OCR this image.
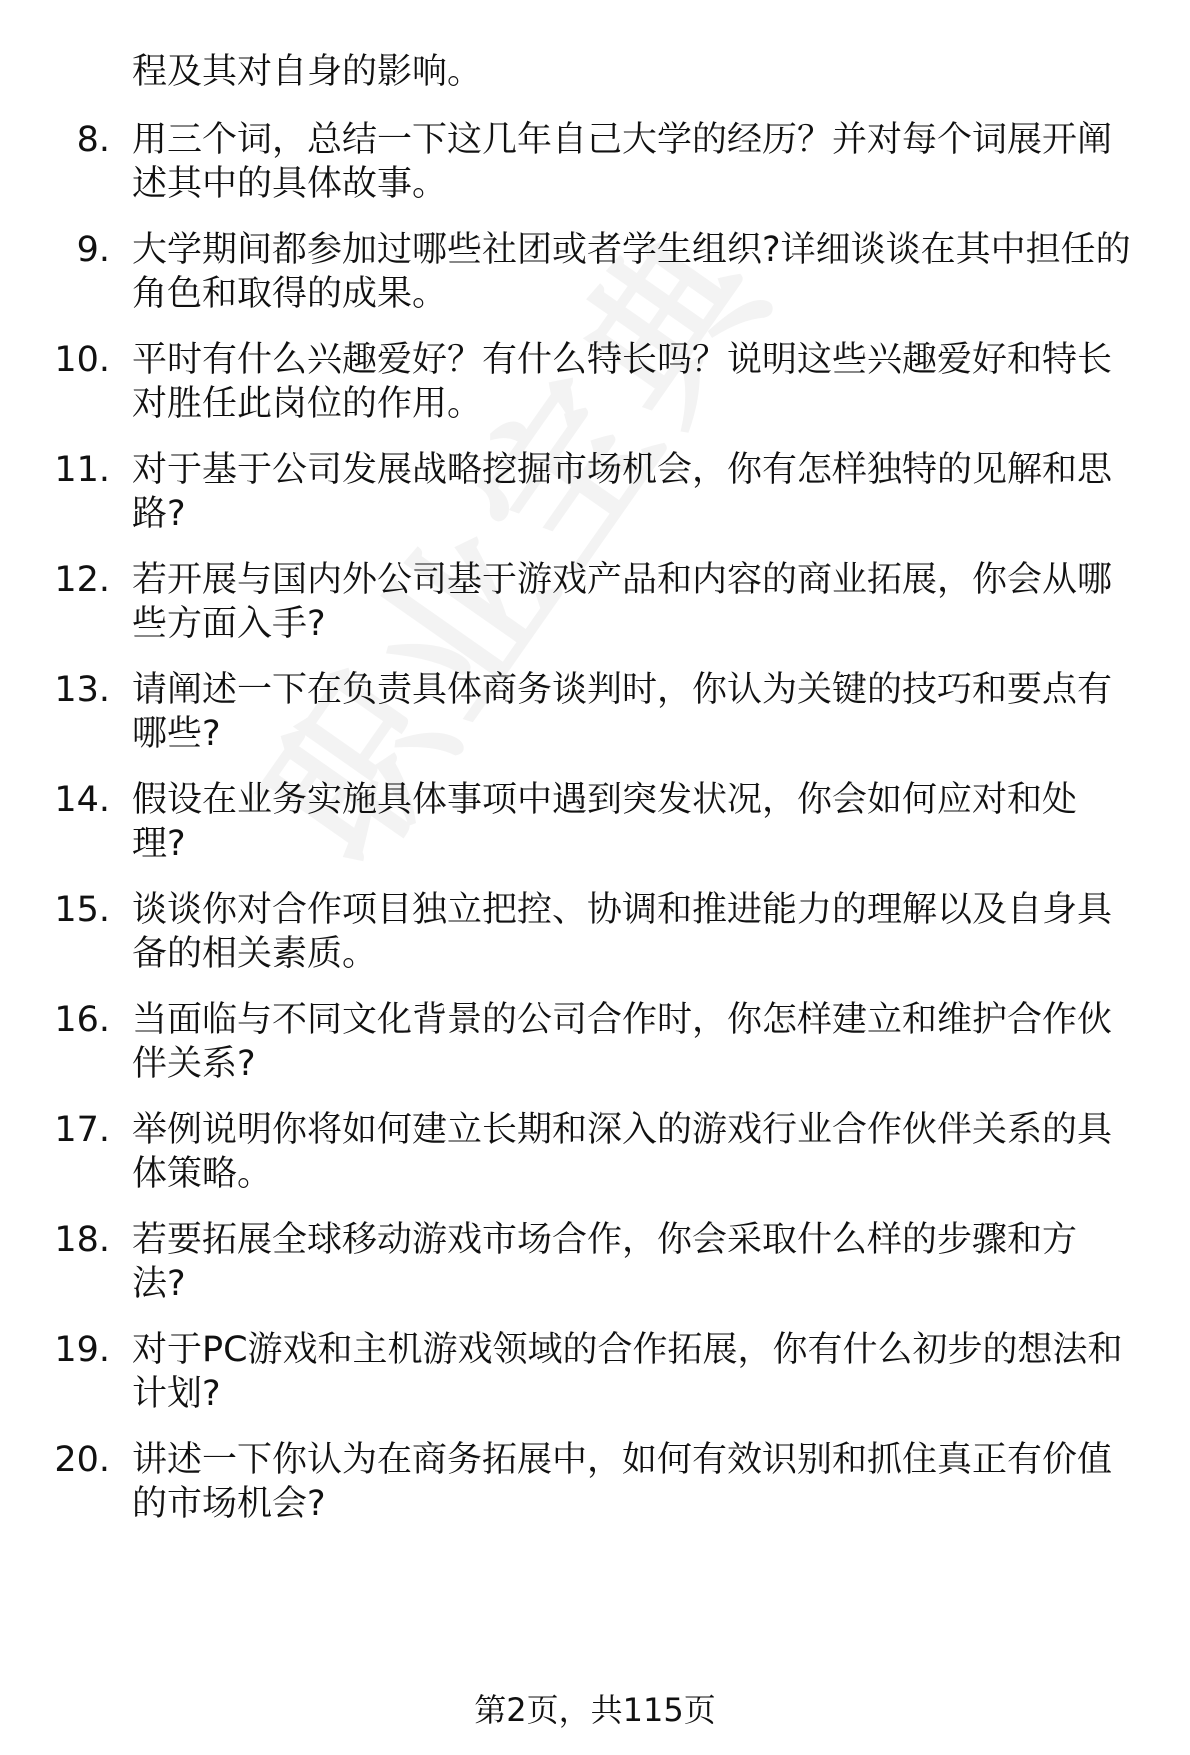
程及其对自身的影响。
8. 用三个词，总结一下这几年自己大学的经历？并对每个词展开阐
述其中的具体故事。
9. 大学期间都参加过哪些社团或者学生组织?详细谈谈在其中担任的
角色和取得的成果。
10. 平时有什么兴趣爱好？有什么特长吗？说明这些兴趣爱好和特长
对胜任此岗位的作用。
11. 对于基于公司发展战略挖掘市场机会，你有怎样独特的见解和思
路?
12. 若开展与国内外公司基于游戏产品和内容的商业拓展，你会从哪
些方面入手?
13. 请阐述一下在负责具体商务谈判时，你认为关键的技巧和要点有
哪些?
14. 假设在业务实施具体事项中遇到突发状况，你会如何应对和处
理?
15. 谈谈你对合作项目独立把控、协调和推进能力的理解以及自身具
备的相关素质。
16. 当面临与不同文化背景的公司合作时，你怎样建立和维护合作伙
伴关系?
17. 举例说明你将如何建立长期和深入的游戏行业合作伙伴关系的具
体策略。
18. 若要拓展全球移动游戏市场合作，你会采取什么样的步骤和方
法?
19. 对于PC游戏和主机游戏领域的合作拓展，你有什么初步的想法和
计划?
20. 讲述一下你认为在商务拓展中，如何有效识别和抓住真正有价值
的市场机会?
第2页，共115页
